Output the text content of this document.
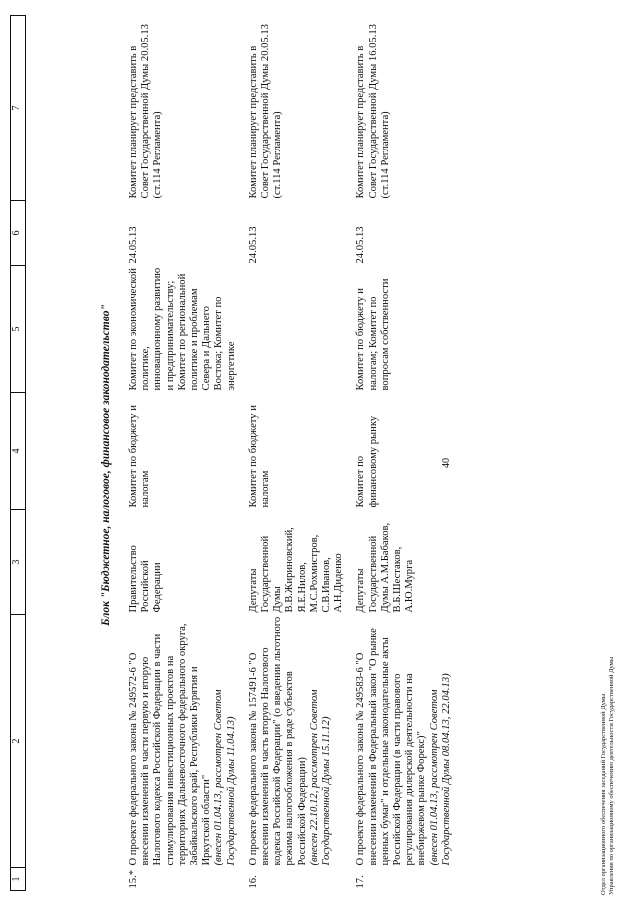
40
1	2	3	4	5	6	7

15.*	О проекте федерального закона № 249572-6 "О внесении изменений в части первую и вторую Налогового кодекса Российской Федерации в части стимулирования инвестиционных проектов на территориях Дальневосточного федерального округа, Забайкальского край, Республики Бурятия и Иркутской области" (внесен 01.04.13, рассмотрен Советом Государственной Думы 11.04.13)	Правительство Российской Федерации	Комитет по бюджету и налогам	Комитет по экономической политике, инновационному развитию и предпринимательству; Комитет по региональной политике и проблемам Севера и Дальнего Востока; Комитет по энергетике	24.05.13	Комитет планирует представить в Совет Государственной Думы 20.05.13 (ст.114 Регламента)
16.	О проекте федерального закона № 157491-6 "О внесении изменений в часть вторую Налогового кодекса Российской Федерации" (о введении льготного режима налогообложения в ряде субъектов Российской Федерации) (внесен 22.10.12, рассмотрен Советом Государственной Думы 15.11.12)	Депутаты Государственной Думы В.В.Жириновский, Я.Е.Нилов, М.С.Рохмистров, С.В.Иванов, А.Н.Диденко	Комитет по бюджету и налогам		24.05.13	Комитет планирует представить в Совет Государственной Думы 20.05.13 (ст.114 Регламента)
17.	О проекте федерального закона № 249583-6 "О внесении изменений в Федеральный закон "О рынке ценных бумаг" и отдельные законодательные акты Российской Федерации (в части правового регулирования дилерской деятельности на внебиржевом рынке Форекс)" (внесен 01.04.13, рассмотрен Советом Государственной Думы 08.04.13, 22.04.13)	Депутаты Государственной Думы А.М.Бабаков, В.Б.Шестаков, А.Ю.Мурга	Комитет по финансовому рынку	Комитет по бюджету и налогам; Комитет по вопросам собственности	24.05.13	Комитет планирует представить в Совет Государственной Думы 16.05.13 (ст.114 Регламента)
Блок "Бюджетное, налоговое, финансовое законодательство"
Отдел организационного обеспечения заседаний Государственной Думы Управления по организационному обеспечению деятельности Государственной Думы
